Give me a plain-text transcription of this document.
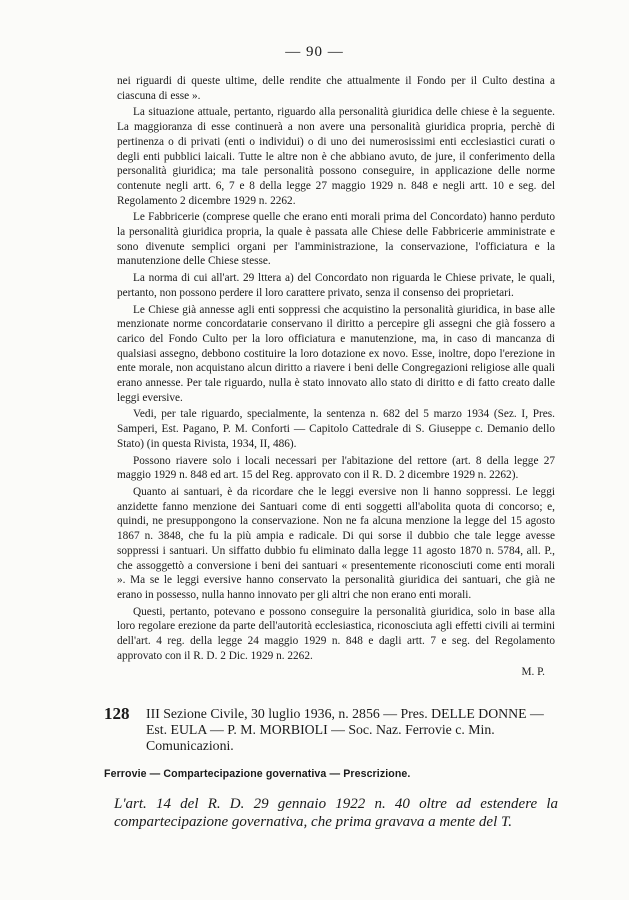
— 90 —

nei riguardi di queste ultime, delle rendite che attualmente il Fondo per il Culto destina a ciascuna di esse ».

La situazione attuale, pertanto, riguardo alla personalità giuridica delle chiese è la seguente. La maggioranza di esse continuerà a non avere una personalità giuridica propria, perchè di pertinenza o di privati (enti o individui) o di uno dei numerosissimi enti ecclesiastici curati o degli enti pubblici laicali. Tutte le altre non è che abbiano avuto, de jure, il conferimento della personalità giuridica; ma tale personalità possono conseguire, in applicazione delle norme contenute negli artt. 6, 7 e 8 della legge 27 maggio 1929 n. 848 e negli artt. 10 e seg. del Regolamento 2 dicembre 1929 n. 2262.

Le Fabbricerie (comprese quelle che erano enti morali prima del Concordato) hanno perduto la personalità giuridica propria, la quale è passata alle Chiese delle Fabbricerie amministrate e sono divenute semplici organi per l'amministrazione, la conservazione, l'officiatura e la manutenzione delle Chiese stesse.

La norma di cui all'art. 29 lttera a) del Concordato non riguarda le Chiese private, le quali, pertanto, non possono perdere il loro carattere privato, senza il consenso dei proprietari.

Le Chiese già annesse agli enti soppressi che acquistino la personalità giuridica, in base alle menzionate norme concordatarie conservano il diritto a percepire gli assegni che già fossero a carico del Fondo Culto per la loro officiatura e manutenzione, ma, in caso di mancanza di qualsiasi assegno, debbono costituire la loro dotazione ex novo. Esse, inoltre, dopo l'erezione in ente morale, non acquistano alcun diritto a riavere i beni delle Congregazioni religiose alle quali erano annesse. Per tale riguardo, nulla è stato innovato allo stato di diritto e di fatto creato dalle leggi eversive.

Vedi, per tale riguardo, specialmente, la sentenza n. 682 del 5 marzo 1934 (Sez. I, Pres. Samperi, Est. Pagano, P. M. Conforti — Capitolo Cattedrale di S. Giuseppe c. Demanio dello Stato) (in questa Rivista, 1934, II, 486).

Possono riavere solo i locali necessari per l'abitazione del rettore (art. 8 della legge 27 maggio 1929 n. 848 ed art. 15 del Reg. approvato con il R. D. 2 dicembre 1929 n. 2262).

Quanto ai santuari, è da ricordare che le leggi eversive non li hanno soppressi. Le leggi anzidette fanno menzione dei Santuari come di enti soggetti all'abolita quota di concorso; e, quindi, ne presuppongono la conservazione. Non ne fa alcuna menzione la legge del 15 agosto 1867 n. 3848, che fu la più ampia e radicale. Di qui sorse il dubbio che tale legge avesse soppressi i santuari. Un siffatto dubbio fu eliminato dalla legge 11 agosto 1870 n. 5784, all. P., che assoggettò a conversione i beni dei santuari « presentemente riconosciuti come enti morali ». Ma se le leggi eversive hanno conservato la personalità giuridica dei santuari, che già ne erano in possesso, nulla hanno innovato per gli altri che non erano enti morali.

Questi, pertanto, potevano e possono conseguire la personalità giuridica, solo in base alla loro regolare erezione da parte dell'autorità ecclesiastica, riconosciuta agli effetti civili ai termini dell'art. 4 reg. della legge 24 maggio 1929 n. 848 e dagli artt. 7 e seg. del Regolamento approvato con il R. D. 2 Dic. 1929 n. 2262.

M. P.

128 III Sezione Civile, 30 luglio 1936, n. 2856 — Pres. DELLE DONNE — Est. EULA — P. M. MORBIOLI — Soc. Naz. Ferrovie c. Min. Comunicazioni.
Ferrovie — Compartecipazione governativa — Prescrizione.
L'art. 14 del R. D. 29 gennaio 1922 n. 40 oltre ad estendere la compartecipazione governativa, che prima gravava a mente del T.
